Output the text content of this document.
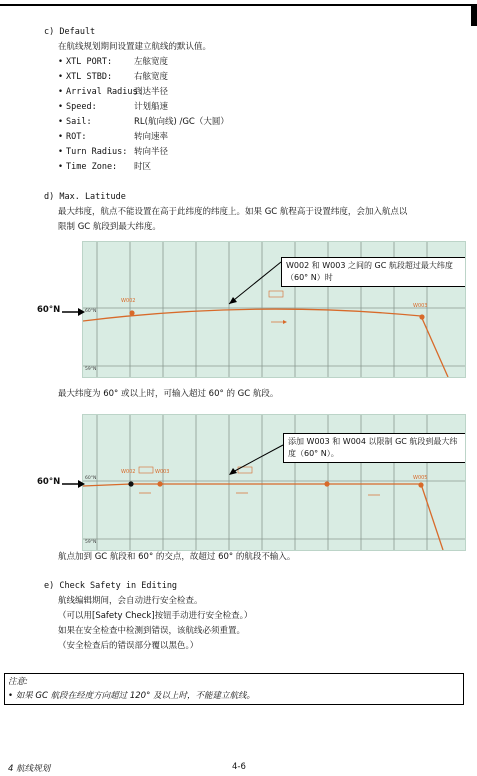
c) Default
在航线规划期间设置建立航线的默认值。
• XTL PORT:	左舷宽度
• XTL STBD:	右舷宽度
• Arrival Radius:到达半径
• Speed:	计划船速
• Sail:	RL(航向线) /GC（大圆）
• ROT:	转向速率
• Turn Radius: 转向半径
• Time Zone: 时区
d) Max. Latitude
最大纬度，航点不能设置在高于此纬度的纬度上。如果 GC 航程高于设置纬度，会加入航点以
限制 GC 航段到最大纬度。
60°N
59°N
W002
W003
W002 和 W003 之间的 GC 航段超过最大纬度（60° N）时
60°N
最大纬度为 60° 或以上时，可输入超过 60° 的 GC 航段。
60°N
59°N
W002	W003
W005
添加 W003 和 W004 以限制 GC 航段到最大纬度（60° N）。
60°N
航点加到 GC 航段和 60° 的交点，故超过 60° 的航段不输入。
e) Check Safety in Editing
航线编辑期间，会自动进行安全检查。
（可以用[Safety Check]按钮手动进行安全检查。）
如果在安全检查中检测到错误，该航线必须重置。
（安全检查后的错误部分覆以黑色。）
注意:
• 如果 GC 航段在经度方向超过 120° 及以上时，不能建立航线。
4 航线规划	4-6
